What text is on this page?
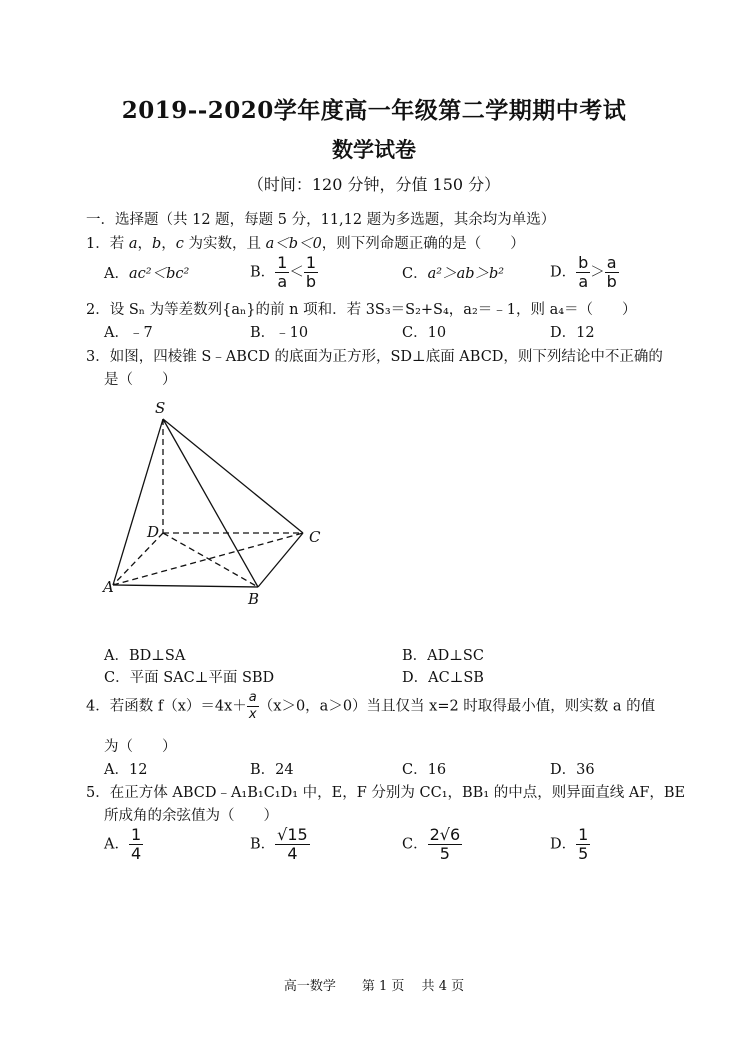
2019--2020学年度高一年级第二学期期中考试
数学试卷
（时间：120 分钟，分值 150 分）
一．选择题（共 12 题，每题 5 分，11,12 题为多选题，其余均为单选）
1．若 a，b，c 为实数，且 a＜b＜0，则下列命题正确的是（　　）
A．ac²＜bc²	B． $\frac{1}{a} < \frac{1}{b}$	C．a²＞ab＞b²	D． $\frac{b}{a} > \frac{a}{b}$
2．设 Sₙ 为等差数列{aₙ}的前 n 项和．若 3S₃＝S₂+S₄，a₂＝﹣1，则 a₄＝（　　）
A．﹣7	B．﹣10	C．10	D．12
3．如图，四棱锥 S﹣ABCD 的底面为正方形，SD⊥底面 ABCD，则下列结论中不正确的
是（　　）
S
D	C
A
B
A．BD⊥SA	B．AD⊥SC
C．平面 SAC⊥平面 SBD	D．AC⊥SB
4．若函数 $f(x)=4x+ \frac{a}{x} (x>0$，a＞0）当且仅当 x=2 时取得最小值，则实数 a 的值
为（　　）
A．12	B．24	C．16	D．36
5．在正方体 ABCD﹣A₁B₁C₁D₁ 中，E，F 分别为 CC₁，BB₁ 的中点，则异面直线 AF，BE
所成角的余弦值为（　　）
A． $\frac{1}{4}$	B． $\frac{√15}{4}$	C． $\frac{2√6}{5}$	D． $\frac{1}{5}$
高一数学　　第 1 页　 共 4 页
